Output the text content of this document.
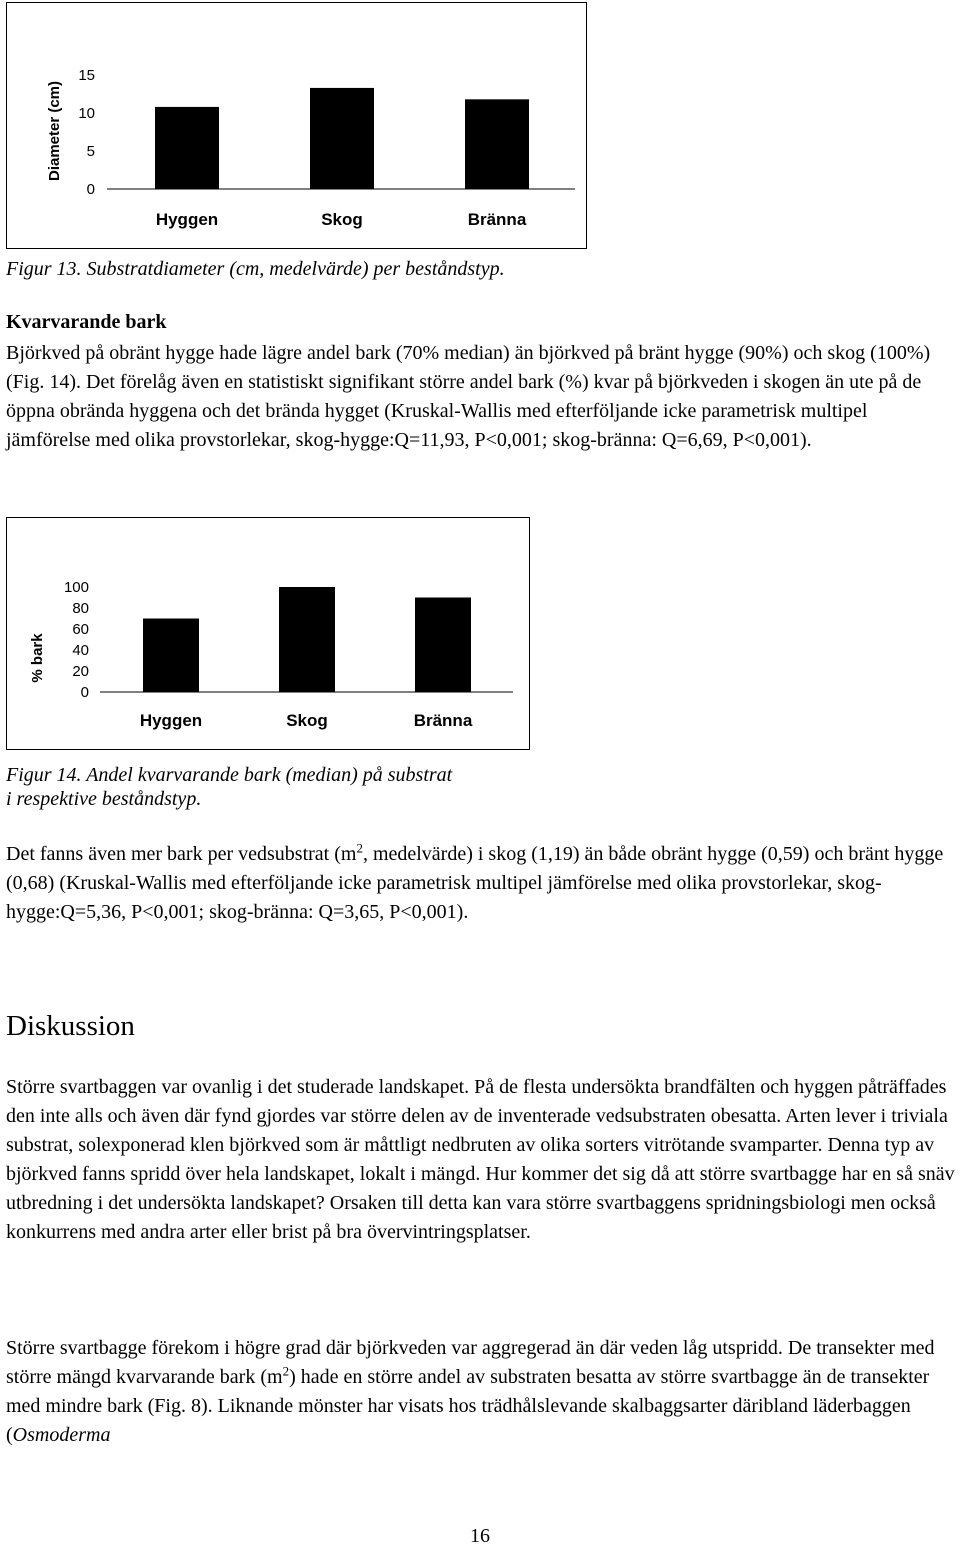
Diameter (cm)
0
5
10
15
Hyggen	Skog	Bränna
Figur 13. Substratdiameter (cm, medelvärde) per beståndstyp.
Kvarvarande bark

Björkved på obränt hygge hade lägre andel bark (70% median) än björkved på bränt hygge (90%) och skog (100%) (Fig. 14). Det förelåg även en statistiskt signifikant större andel bark (%) kvar på björkveden i skogen än ute på de öppna obrända hyggena och det brända hygget (Kruskal-Wallis med efterföljande icke parametrisk multipel jämförelse med olika provstorlekar, skog-hygge:Q=11,93, P<0,001; skog-bränna: Q=6,69, P<0,001).

% bark
0
20
40
60
80
100
Hyggen	Skog	Bränna
Figur 14. Andel kvarvarande bark (median) på substrat
i respektive beståndstyp.

Det fanns även mer bark per vedsubstrat ($m^2$, medelvärde) i skog (1,19) än både obränt hygge (0,59) och bränt hygge (0,68) (Kruskal-Wallis med efterföljande icke parametrisk multipel jämförelse med olika provstorlekar, skog-hygge:Q=5,36, P<0,001; skog-bränna: Q=3,65, P<0,001).

Diskussion

Större svartbaggen var ovanlig i det studerade landskapet. På de flesta undersökta brandfälten och hyggen påträffades den inte alls och även där fynd gjordes var större delen av de inventerade vedsubstraten obesatta. Arten lever i triviala substrat, solexponerad klen björkved som är måttligt nedbruten av olika sorters vitrötande svamparter. Denna typ av björkved fanns spridd över hela landskapet, lokalt i mängd. Hur kommer det sig då att större svartbagge har en så snäv utbredning i det undersökta landskapet? Orsaken till detta kan vara större svartbaggens spridningsbiologi men också konkurrens med andra arter eller brist på bra övervintringsplatser.

Större svartbagge förekom i högre grad där björkveden var aggregerad än där veden låg utspridd. De transekter med större mängd kvarvarande bark $(m^2)$ hade en större andel av substraten besatta av större svartbagge än de transekter med mindre bark (Fig. 8). Liknande mönster har visats hos trädhålslevande skalbaggsarter däribland läderbaggen (Osmoderma

16
